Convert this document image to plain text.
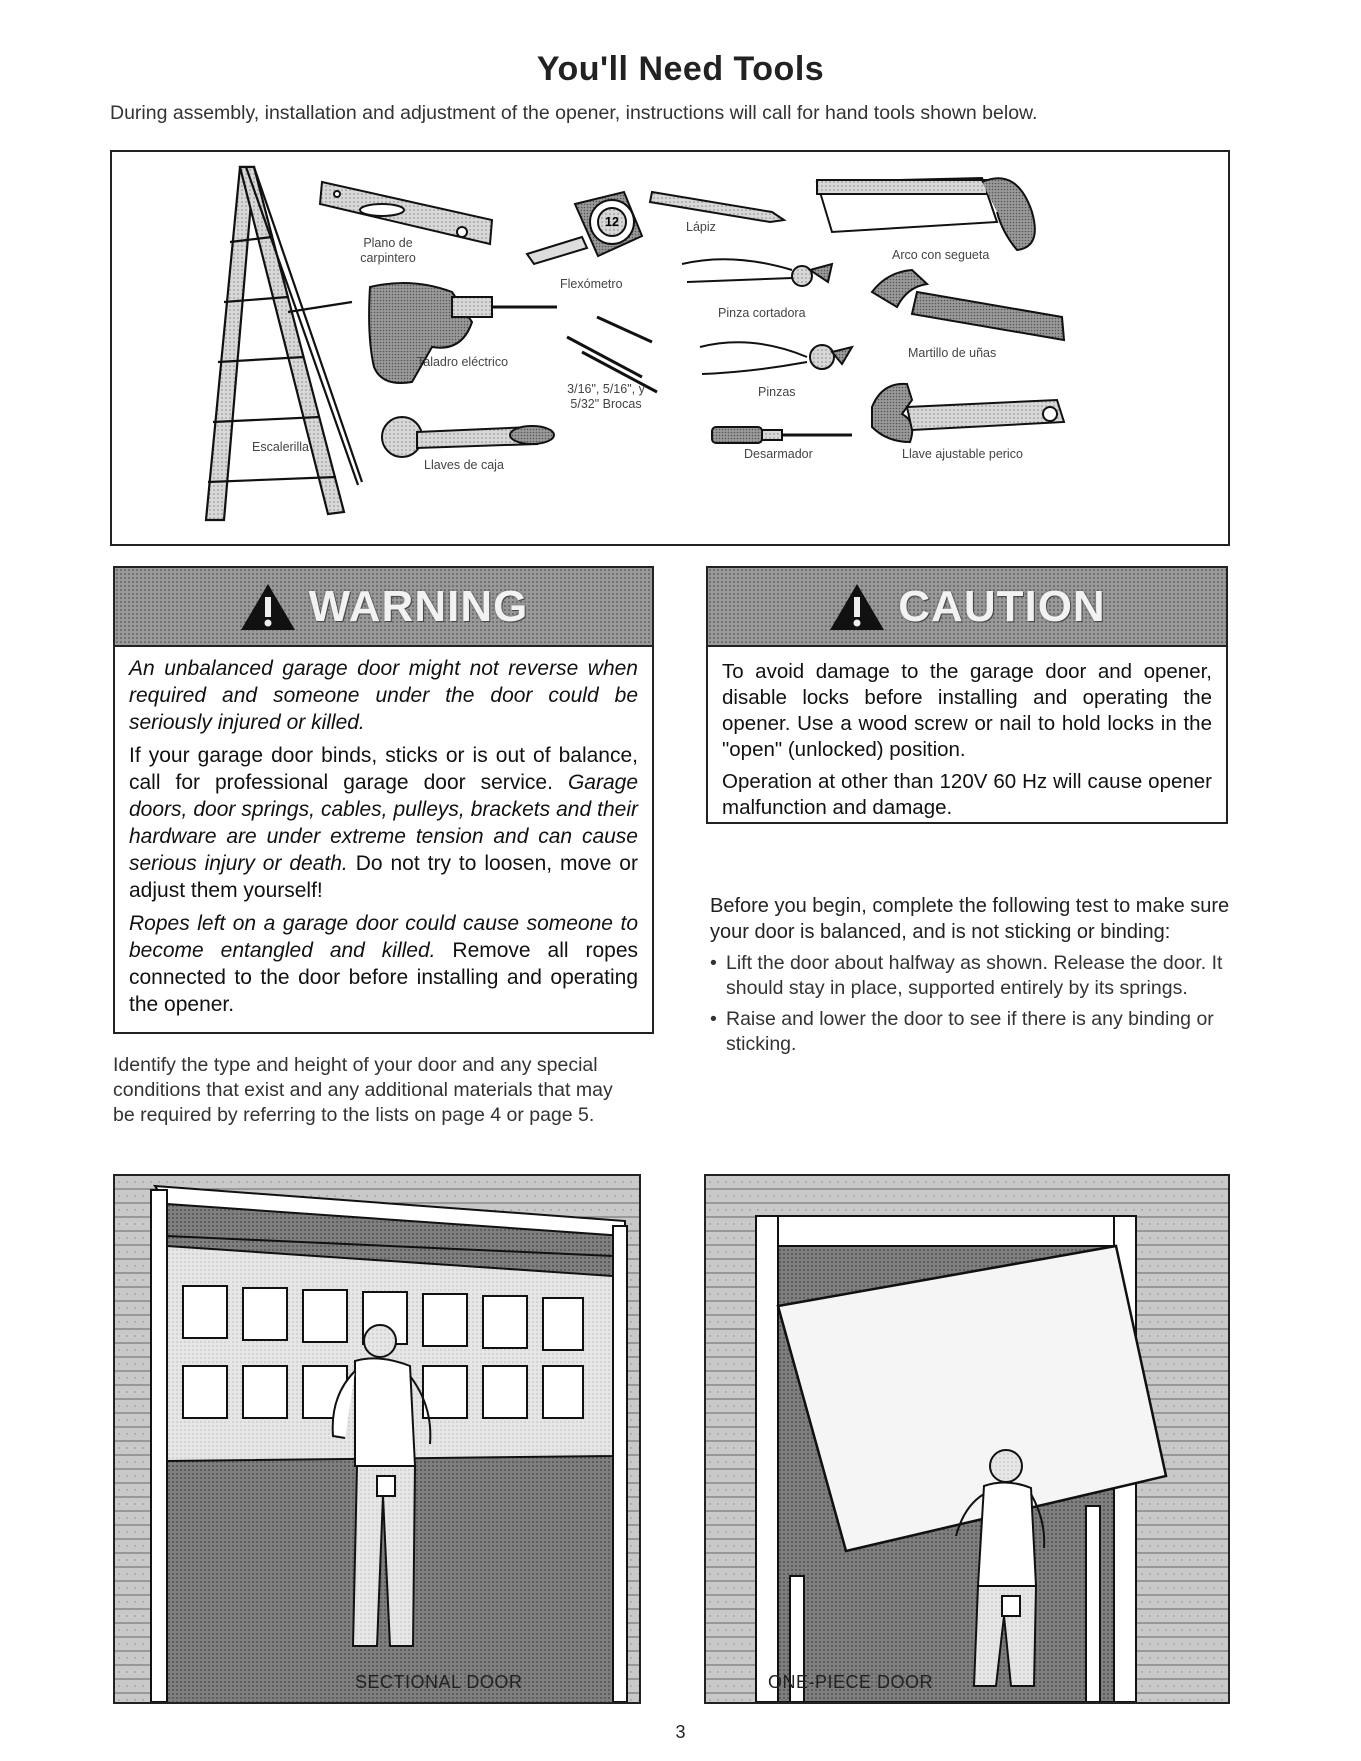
You'll Need Tools
During assembly, installation and adjustment of the opener, instructions will call for hand tools shown below.
12
Plano de carpintero
Flexómetro
Lápiz
Arco con segueta
Pinza cortadora
Martillo de uñas
Taladro eléctrico
3/16", 5/16", y 5/32" Brocas
Pinzas
Escalerilla
Llaves de caja
Desarmador	Llave ajustable perico
WARNING

An unbalanced garage door might not reverse when required and someone under the door could be seriously injured or killed.

If your garage door binds, sticks or is out of balance, call for professional garage door service. Garage doors, door springs, cables, pulleys, brackets and their hardware are under extreme tension and can cause serious injury or death. Do not try to loosen, move or adjust them yourself!

Ropes left on a garage door could cause someone to become entangled and killed. Remove all ropes connected to the door before installing and operating the opener.

CAUTION

To avoid damage to the garage door and opener, disable locks before installing and operating the opener. Use a wood screw or nail to hold locks in the "open" (unlocked) position.

Operation at other than 120V 60 Hz will cause opener malfunction and damage.

Identify the type and height of your door and any special conditions that exist and any additional materials that may be required by referring to the lists on page 4 or page 5.
Before you begin, complete the following test to make sure your door is balanced, and is not sticking or binding:
• Lift the door about halfway as shown. Release the door. It should stay in place, supported entirely by its springs.
• Raise and lower the door to see if there is any binding or sticking.
SECTIONAL DOOR	ONE-PIECE DOOR
3
